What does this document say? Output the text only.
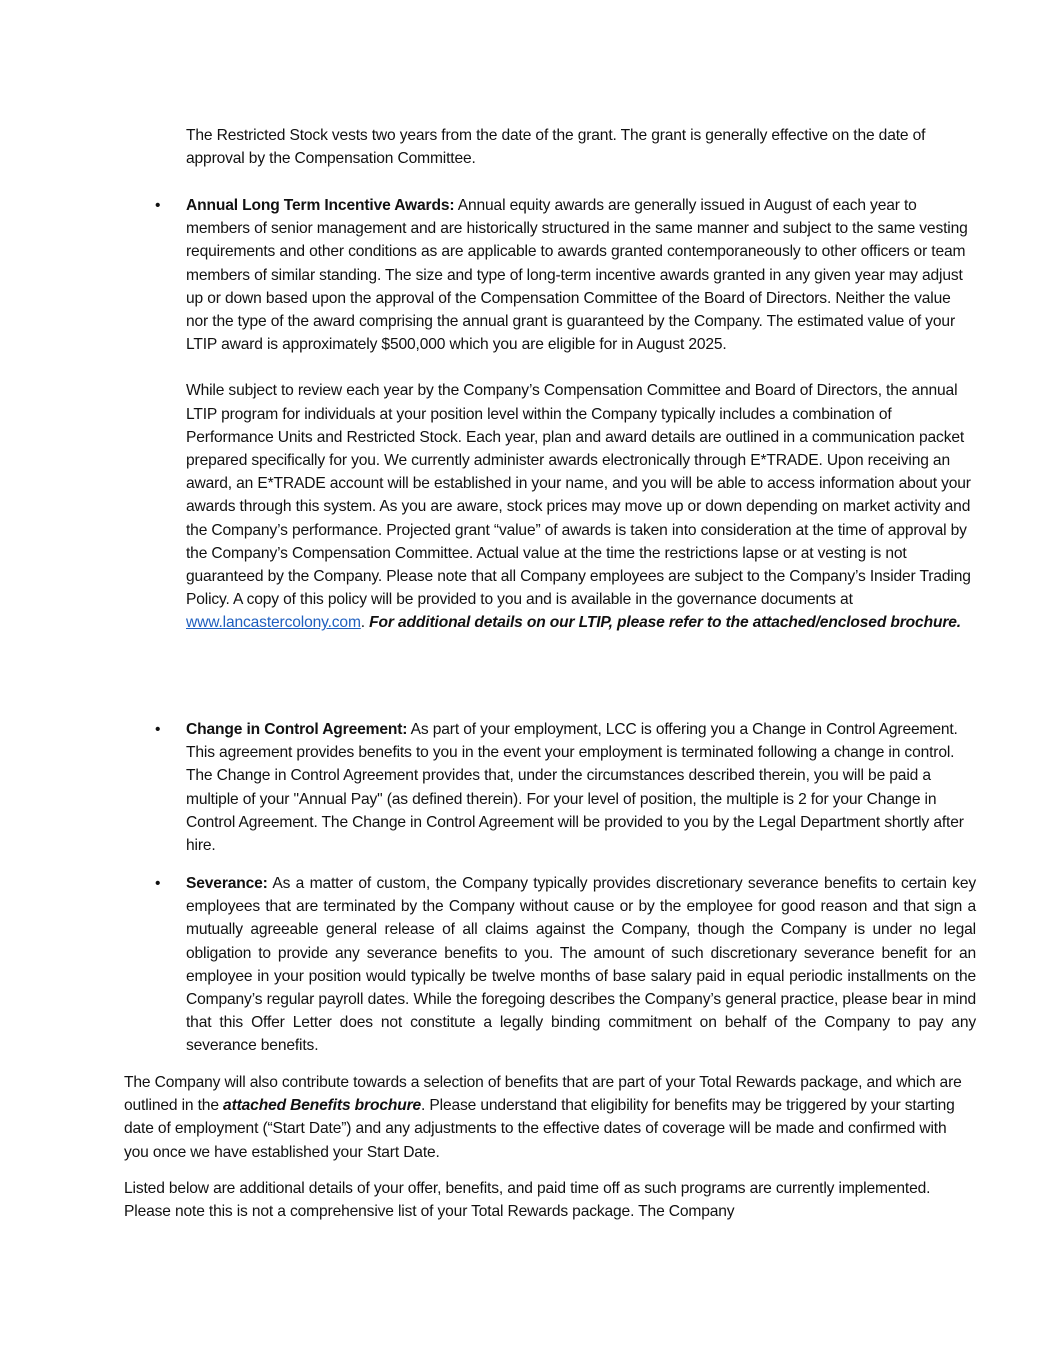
The Restricted Stock vests two years from the date of the grant. The grant is generally effective on the date of approval by the Compensation Committee.

• Annual Long Term Incentive Awards: Annual equity awards are generally issued in August of each year to members of senior management and are historically structured in the same manner and subject to the same vesting requirements and other conditions as are applicable to awards granted contemporaneously to other officers or team members of similar standing. The size and type of long-term incentive awards granted in any given year may adjust up or down based upon the approval of the Compensation Committee of the Board of Directors. Neither the value nor the type of the award comprising the annual grant is guaranteed by the Company. The estimated value of your LTIP award is approximately $500,000 which you are eligible for in August 2025.

While subject to review each year by the Company’s Compensation Committee and Board of Directors, the annual LTIP program for individuals at your position level within the Company typically includes a combination of Performance Units and Restricted Stock. Each year, plan and award details are outlined in a communication packet prepared specifically for you. We currently administer awards electronically through E*TRADE. Upon receiving an award, an E*TRADE account will be established in your name, and you will be able to access information about your awards through this system. As you are aware, stock prices may move up or down depending on market activity and the Company’s performance. Projected grant “value” of awards is taken into consideration at the time of approval by the Company’s Compensation Committee. Actual value at the time the restrictions lapse or at vesting is not guaranteed by the Company. Please note that all Company employees are subject to the Company’s Insider Trading Policy. A copy of this policy will be provided to you and is available in the governance documents at www.lancastercolony.com. For additional details on our LTIP, please refer to the attached/enclosed brochure.

• Change in Control Agreement: As part of your employment, LCC is offering you a Change in Control Agreement. This agreement provides benefits to you in the event your employment is terminated following a change in control. The Change in Control Agreement provides that, under the circumstances described therein, you will be paid a multiple of your "Annual Pay" (as defined therein). For your level of position, the multiple is 2 for your Change in Control Agreement. The Change in Control Agreement will be provided to you by the Legal Department shortly after hire.

• Severance: As a matter of custom, the Company typically provides discretionary severance benefits to certain key employees that are terminated by the Company without cause or by the employee for good reason and that sign a mutually agreeable general release of all claims against the Company, though the Company is under no legal obligation to provide any severance benefits to you. The amount of such discretionary severance benefit for an employee in your position would typically be twelve months of base salary paid in equal periodic installments on the Company’s regular payroll dates. While the foregoing describes the Company’s general practice, please bear in mind that this Offer Letter does not constitute a legally binding commitment on behalf of the Company to pay any severance benefits.

The Company will also contribute towards a selection of benefits that are part of your Total Rewards package, and which are outlined in the attached Benefits brochure. Please understand that eligibility for benefits may be triggered by your starting date of employment (“Start Date”) and any adjustments to the effective dates of coverage will be made and confirmed with you once we have established your Start Date.

Listed below are additional details of your offer, benefits, and paid time off as such programs are currently implemented. Please note this is not a comprehensive list of your Total Rewards package. The Company
